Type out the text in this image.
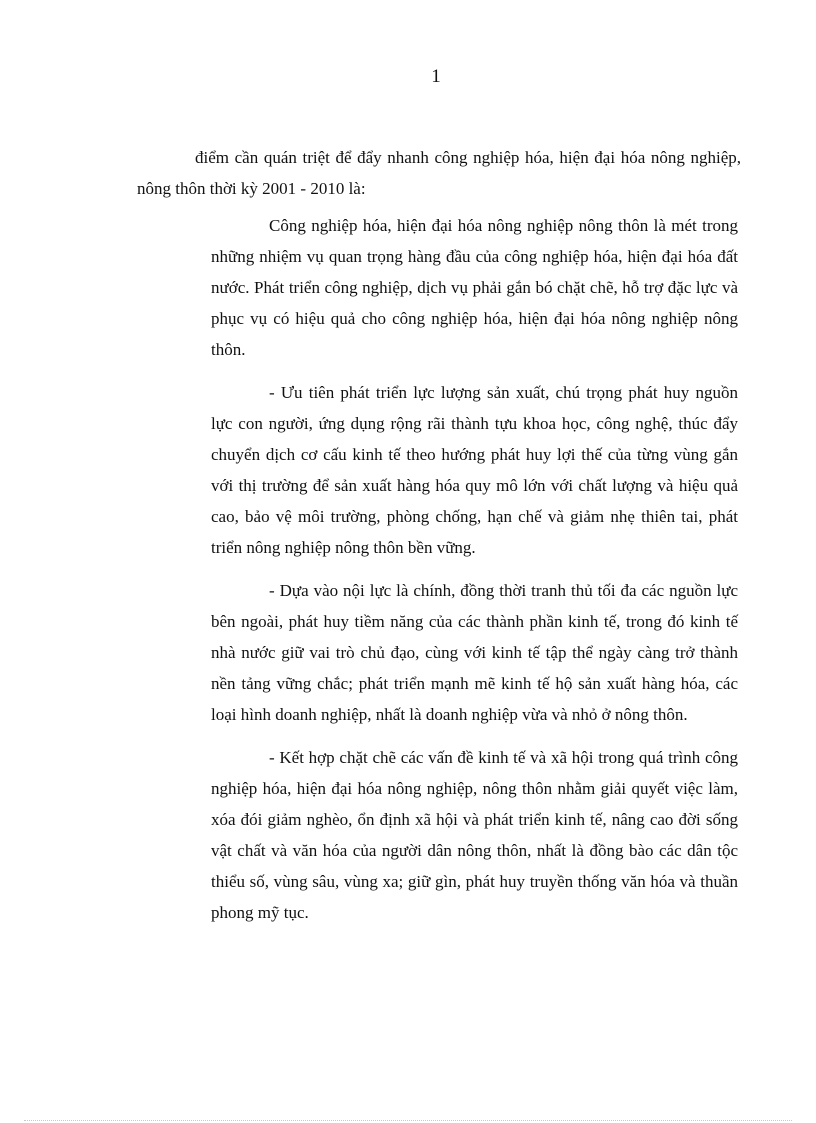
1

điểm cần quán triệt để đẩy nhanh công nghiệp hóa, hiện đại hóa nông nghiệp, nông thôn thời kỳ 2001 - 2010 là:

Công nghiệp hóa, hiện đại hóa nông nghiệp nông thôn là mét trong những nhiệm vụ quan trọng hàng đầu của công nghiệp hóa, hiện đại hóa đất nước. Phát triển công nghiệp, dịch vụ phải gắn bó chặt chẽ, hỗ trợ đặc lực và phục vụ có hiệu quả cho công nghiệp hóa, hiện đại hóa nông nghiệp nông thôn.

- Ưu tiên phát triển lực lượng sản xuất, chú trọng phát huy nguồn lực con người, ứng dụng rộng rãi thành tựu khoa học, công nghệ, thúc đẩy chuyển dịch cơ cấu kinh tế theo hướng phát huy lợi thế của từng vùng gắn với thị trường để sản xuất hàng hóa quy mô lớn với chất lượng và hiệu quả cao, bảo vệ môi trường, phòng chống, hạn chế và giảm nhẹ thiên tai, phát triển nông nghiệp nông thôn bền vững.

- Dựa vào nội lực là chính, đồng thời tranh thủ tối đa các nguồn lực bên ngoài, phát huy tiềm năng của các thành phần kinh tế, trong đó kinh tế nhà nước giữ vai trò chủ đạo, cùng với kinh tế tập thể ngày càng trở thành nền tảng vững chắc; phát triển mạnh mẽ kinh tế hộ sản xuất hàng hóa, các loại hình doanh nghiệp, nhất là doanh nghiệp vừa và nhỏ ở nông thôn.

- Kết hợp chặt chẽ các vấn đề kinh tế và xã hội trong quá trình công nghiệp hóa, hiện đại hóa nông nghiệp, nông thôn nhằm giải quyết việc làm, xóa đói giảm nghèo, ổn định xã hội và phát triển kinh tế, nâng cao đời sống vật chất và văn hóa của người dân nông thôn, nhất là đồng bào các dân tộc thiểu số, vùng sâu, vùng xa; giữ gìn, phát huy truyền thống văn hóa và thuần phong mỹ tục.
